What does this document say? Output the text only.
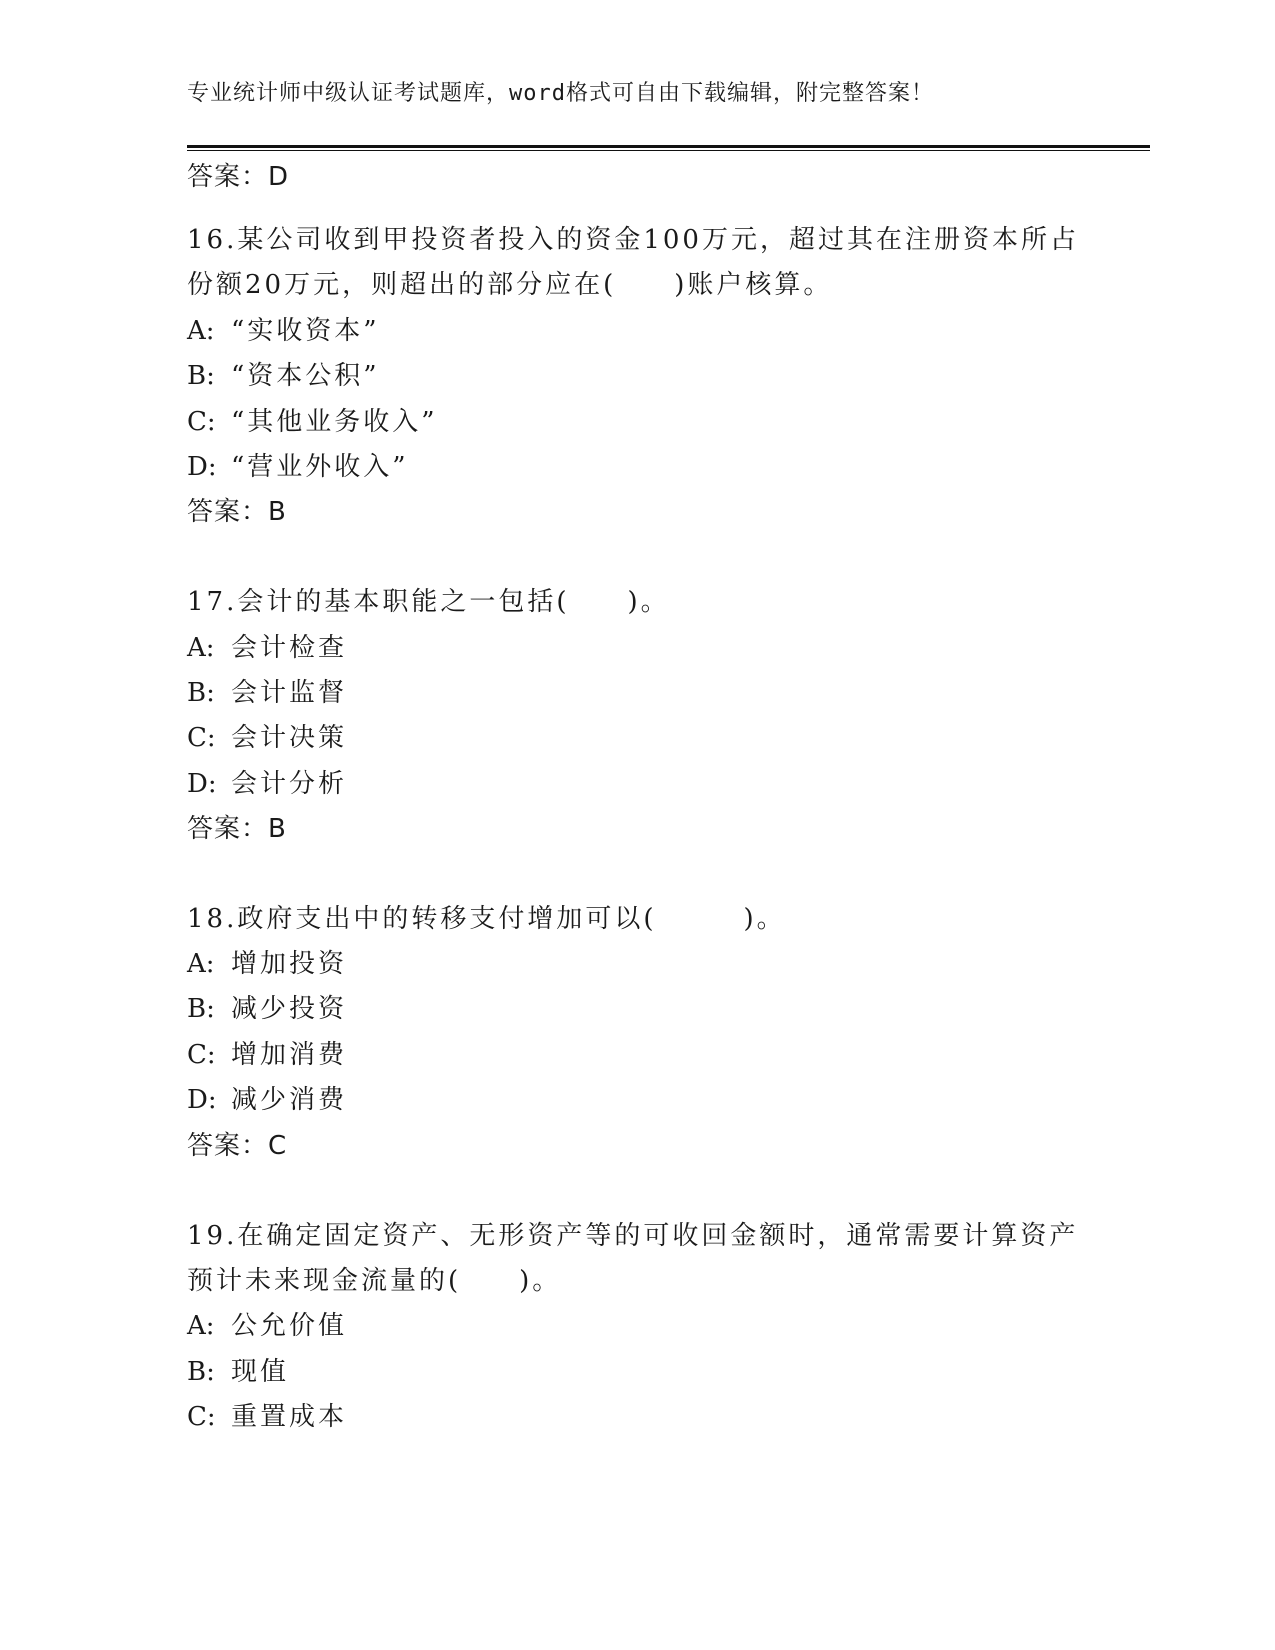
专业统计师中级认证考试题库，word格式可自由下载编辑，附完整答案！
答案：D
16.某公司收到甲投资者投入的资金100万元，超过其在注册资本所占
份额20万元，则超出的部分应在(　　)账户核算。
A: “实收资本”
B: “资本公积”
C: “其他业务收入”
D: “营业外收入”
答案：B
17.会计的基本职能之一包括(　　)。
A: 会计检查
B: 会计监督
C: 会计决策
D: 会计分析
答案：B
18.政府支出中的转移支付增加可以(　　　)。
A: 增加投资
B: 减少投资
C: 增加消费
D: 减少消费
答案：C
19.在确定固定资产、无形资产等的可收回金额时，通常需要计算资产
预计未来现金流量的(　　)。
A: 公允价值
B: 现值
C: 重置成本
